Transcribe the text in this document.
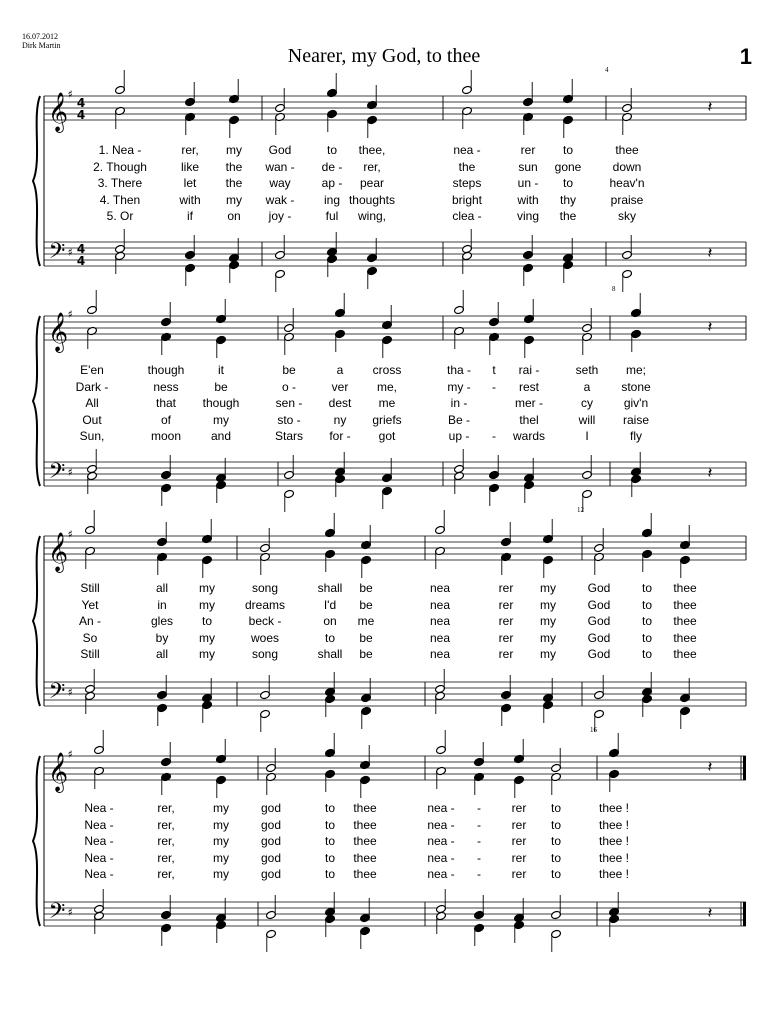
16.07.2012
Dirk Martin	Nearer, my God, to thee	1
4
8
12
16
𝄞 ♯
𝄢 ♯
4
4
4
4
𝄽
𝄽
𝄞 ♯
𝄢 ♯
𝄽
𝄽
𝄞 ♯
𝄢 ♯
𝄞 ♯
𝄢 ♯
𝄽
𝄽
1. Nea -	rer, my God	to thee,	nea -	rer to	thee
2. Though	like the wan - de - rer,	the	sun gone	down
3. There	let the way	ap - pear	steps	un - to	heav'n
4. Then	with my wak - ing thoughts	bright	with thy	praise
5. Or	if	on joy -	ful wing,	clea -	ving the	sky
E'en	though	it	be	a cross	tha - t rai -	seth me;
Dark -	ness	be	o -	ver me,	my - - rest	a	stone
All	that though	sen - dest me	in -	mer -	cy	giv'n
Out	of	my	sto -	ny griefs	Be -	thel	will raise
Sun,	moon and	Stars for - got	up - - wards	I	fly
Still	all	my	song	shall be	nea	rer my	God	to thee
Yet	in	my dreams	I'd be	nea	rer my	God	to thee
An -	gles to	beck -	on me	nea	rer my	God	to thee
So	by	my	woes	to be	nea	rer my	God	to thee
Still	all	my	song	shall be	nea	rer my	God	to thee
Nea -	rer,	my	god	to thee	nea - -	rer to	thee !
Nea -	rer,	my	god	to thee	nea - -	rer to	thee !
Nea -	rer,	my	god	to thee	nea - -	rer to	thee !
Nea -	rer,	my	god	to thee	nea - -	rer to	thee !
Nea -	rer,	my	god	to thee	nea - -	rer to	thee !
